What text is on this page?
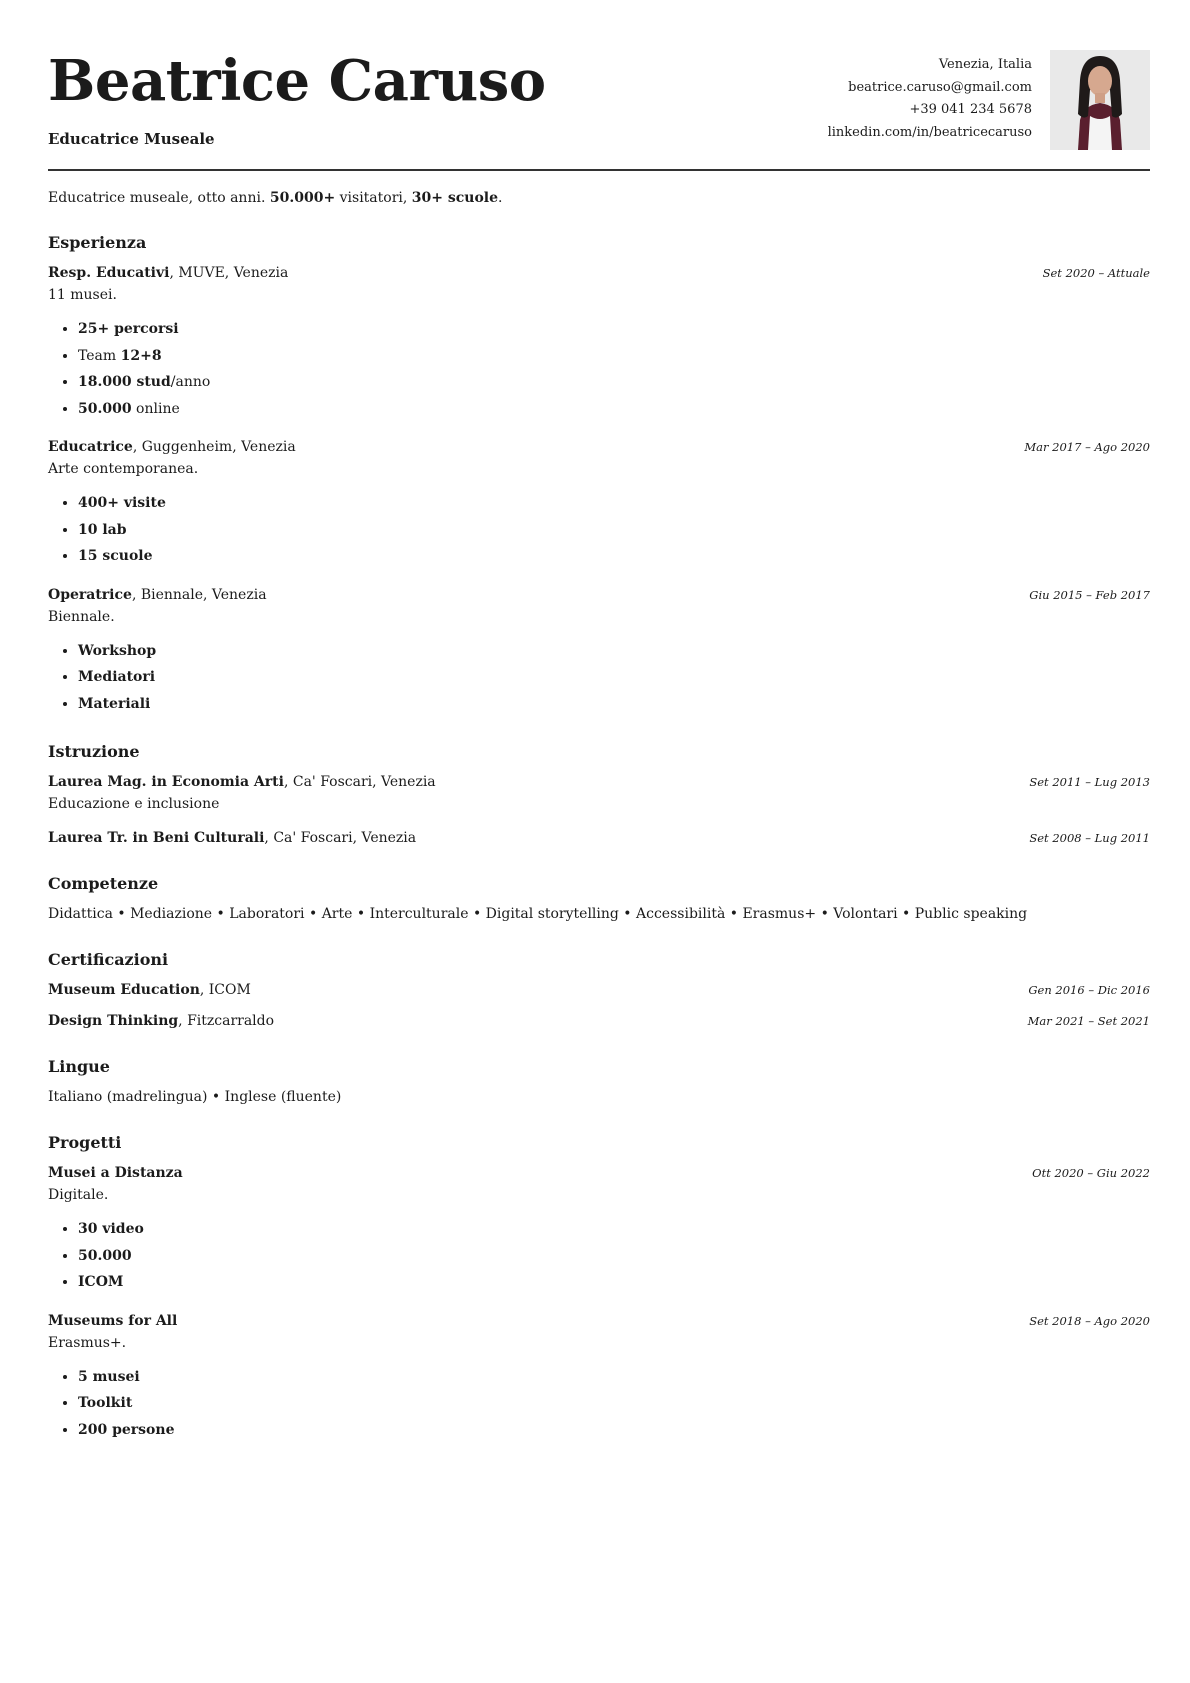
Beatrice Caruso
Educatrice Museale
Venezia, Italia
beatrice.caruso@gmail.com
+39 041 234 5678
linkedin.com/in/beatricecaruso
Educatrice museale, otto anni. 50.000+ visitatori, 30+ scuole.
Esperienza
Resp. Educativi, MUVE, Venezia	Set 2020 – Attuale
11 musei.
• 25+ percorsi
• Team 12+8
• 18.000 stud/anno
• 50.000 online
Educatrice, Guggenheim, Venezia	Mar 2017 – Ago 2020
Arte contemporanea.
• 400+ visite
• 10 lab
• 15 scuole
Operatrice, Biennale, Venezia	Giu 2015 – Feb 2017
Biennale.
• Workshop
• Mediatori
• Materiali
Istruzione
Laurea Mag. in Economia Arti, Ca' Foscari, Venezia	Set 2011 – Lug 2013
Educazione e inclusione
Laurea Tr. in Beni Culturali, Ca' Foscari, Venezia	Set 2008 – Lug 2011
Competenze
Didattica • Mediazione • Laboratori • Arte • Interculturale • Digital storytelling • Accessibilità • Erasmus+ • Volontari • Public speaking
Certificazioni
Museum Education, ICOM	Gen 2016 – Dic 2016
Design Thinking, Fitzcarraldo	Mar 2021 – Set 2021
Lingue
Italiano (madrelingua) • Inglese (fluente)
Progetti
Musei a Distanza	Ott 2020 – Giu 2022
Digitale.
• 30 video
• 50.000
• ICOM
Museums for All	Set 2018 – Ago 2020
Erasmus+.
• 5 musei
• Toolkit
• 200 persone
